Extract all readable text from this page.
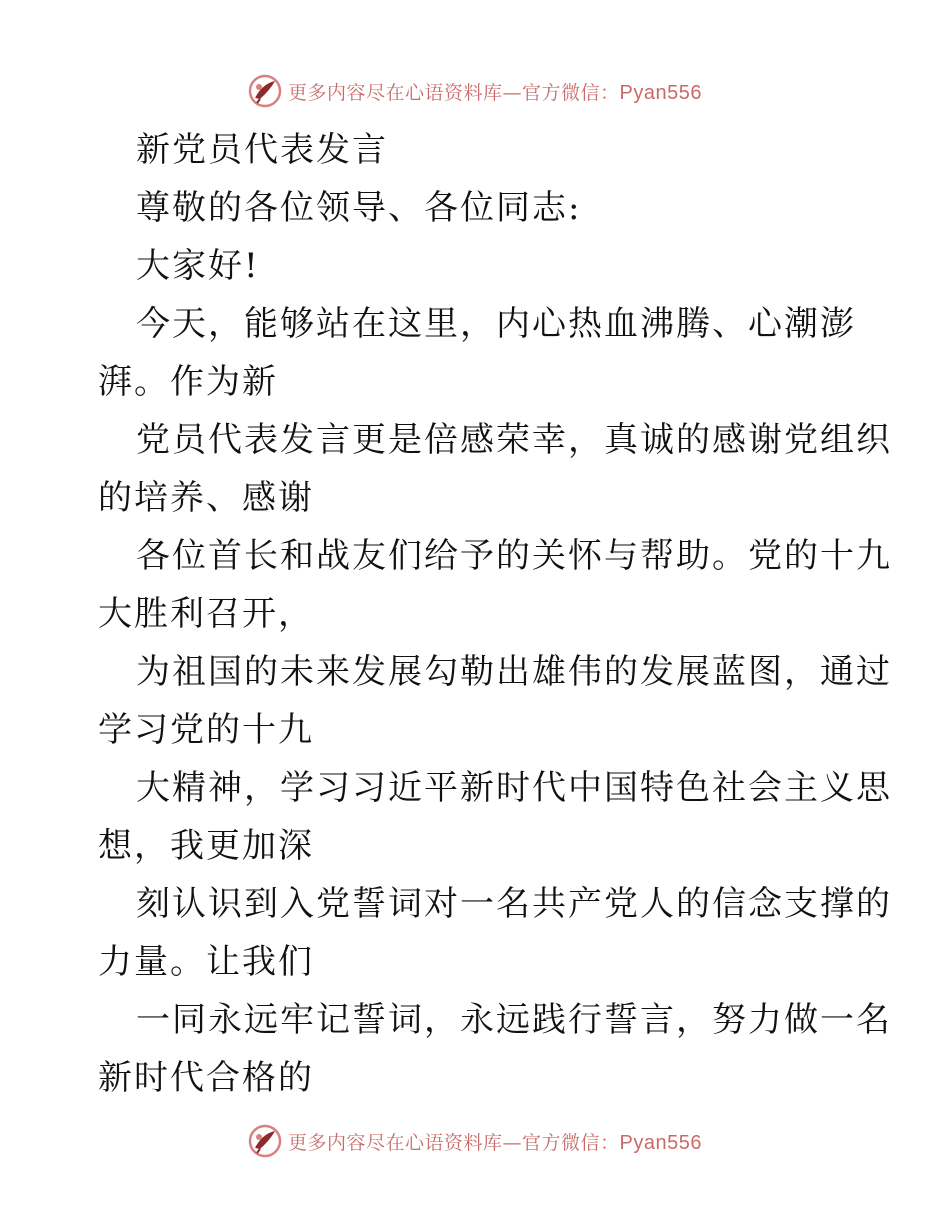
更多内容尽在心语资料库—官方微信：Pyan556
新党员代表发言
尊敬的各位领导、各位同志:
大家好!
今天，能够站在这里，内心热血沸腾、心潮澎
湃。作为新
党员代表发言更是倍感荣幸，真诚的感谢党组织
的培养、感谢
各位首长和战友们给予的关怀与帮助。党的十九
大胜利召开，
为祖国的未来发展勾勒出雄伟的发展蓝图，通过
学习党的十九
大精神，学习习近平新时代中国特色社会主义思
想，我更加深
刻认识到入党誓词对一名共产党人的信念支撑的
力量。让我们
一同永远牢记誓词，永远践行誓言，努力做一名
新时代合格的
更多内容尽在心语资料库—官方微信：Pyan556
